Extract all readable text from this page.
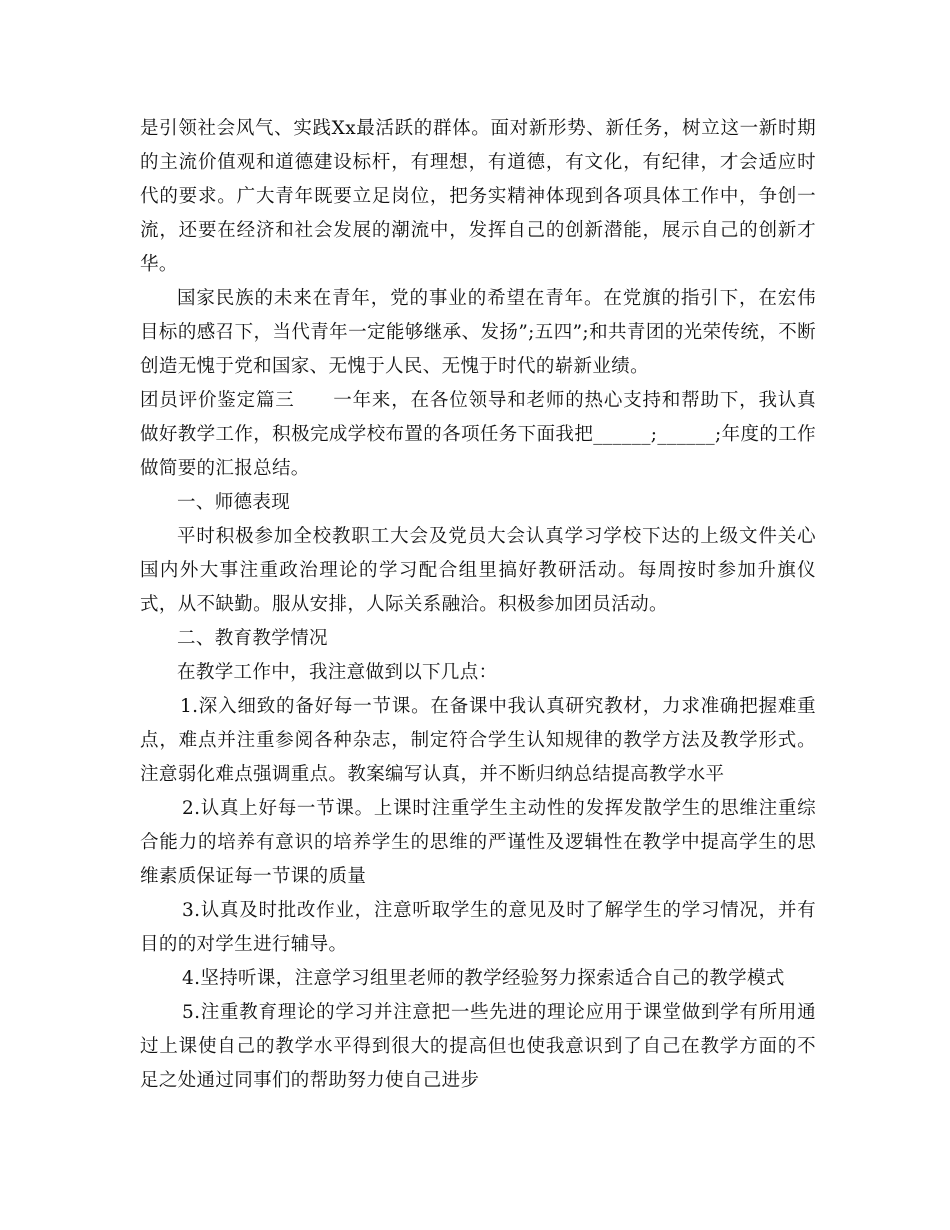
是引领社会风气、实践Xx最活跃的群体。面对新形势、新任务，树立这一新时期的主流价值观和道德建设标杆，有理想，有道德，有文化，有纪律，才会适应时代的要求。广大青年既要立足岗位，把务实精神体现到各项具体工作中，争创一流，还要在经济和社会发展的潮流中，发挥自己的创新潜能，展示自己的创新才华。

国家民族的未来在青年，党的事业的希望在青年。在党旗的指引下，在宏伟目标的感召下，当代青年一定能够继承、发扬”;五四”;和共青团的光荣传统，不断创造无愧于党和国家、无愧于人民、无愧于时代的崭新业绩。

团员评价鉴定篇三　　一年来，在各位领导和老师的热心支持和帮助下，我认真做好教学工作，积极完成学校布置的各项任务下面我把______;______;年度的工作做简要的汇报总结。

一、师德表现

平时积极参加全校教职工大会及党员大会认真学习学校下达的上级文件关心国内外大事注重政治理论的学习配合组里搞好教研活动。每周按时参加升旗仪式，从不缺勤。服从安排，人际关系融洽。积极参加团员活动。

二、教育教学情况

在教学工作中，我注意做到以下几点：

1.深入细致的备好每一节课。在备课中我认真研究教材，力求准确把握难重点，难点并注重参阅各种杂志，制定符合学生认知规律的教学方法及教学形式。注意弱化难点强调重点。教案编写认真，并不断归纳总结提高教学水平

2.认真上好每一节课。上课时注重学生主动性的发挥发散学生的思维注重综合能力的培养有意识的培养学生的思维的严谨性及逻辑性在教学中提高学生的思维素质保证每一节课的质量

3.认真及时批改作业，注意听取学生的意见及时了解学生的学习情况，并有目的的对学生进行辅导。

4.坚持听课，注意学习组里老师的教学经验努力探索适合自己的教学模式

5.注重教育理论的学习并注意把一些先进的理论应用于课堂做到学有所用通过上课使自己的教学水平得到很大的提高但也使我意识到了自己在教学方面的不足之处通过同事们的帮助努力使自己进步
